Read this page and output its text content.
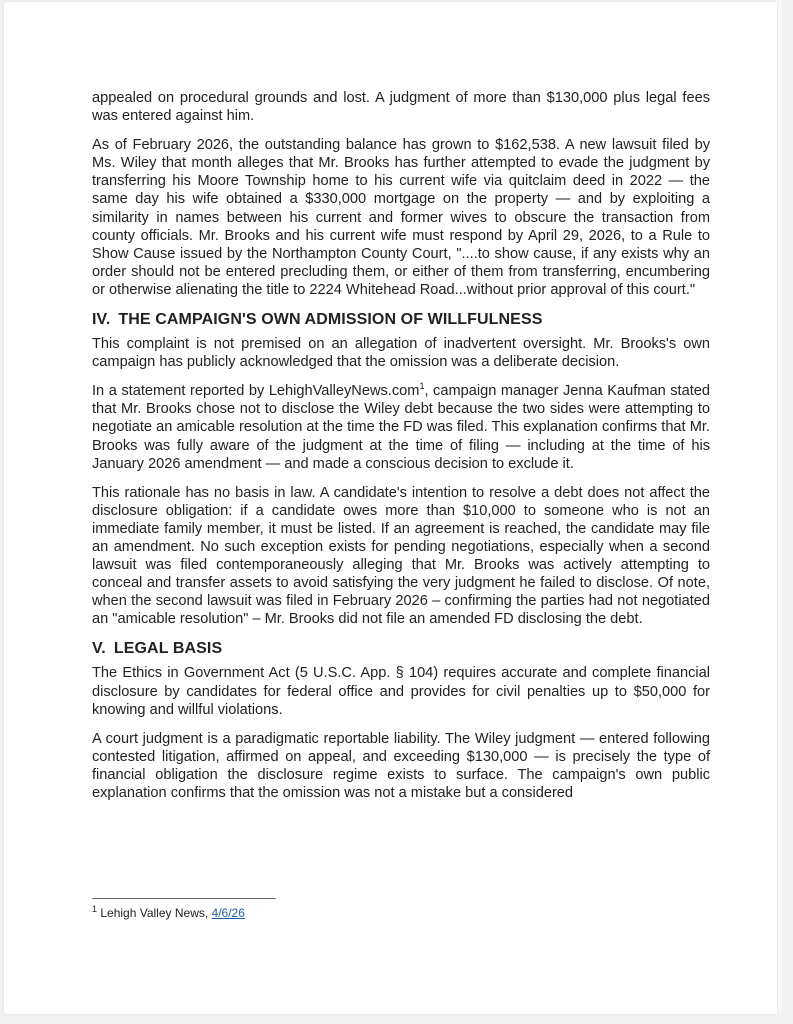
appealed on procedural grounds and lost. A judgment of more than $130,000 plus legal fees was entered against him.

As of February 2026, the outstanding balance has grown to $162,538. A new lawsuit filed by Ms. Wiley that month alleges that Mr. Brooks has further attempted to evade the judgment by transferring his Moore Township home to his current wife via quitclaim deed in 2022 — the same day his wife obtained a $330,000 mortgage on the property — and by exploiting a similarity in names between his current and former wives to obscure the transaction from county officials. Mr. Brooks and his current wife must respond by April 29, 2026, to a Rule to Show Cause issued by the Northampton County Court, "....to show cause, if any exists why an order should not be entered precluding them, or either of them from transferring, encumbering or otherwise alienating the title to 2224 Whitehead Road...without prior approval of this court."

IV. THE CAMPAIGN'S OWN ADMISSION OF WILLFULNESS

This complaint is not premised on an allegation of inadvertent oversight. Mr. Brooks's own campaign has publicly acknowledged that the omission was a deliberate decision.

In a statement reported by LehighValleyNews.com$^1$, campaign manager Jenna Kaufman stated that Mr. Brooks chose not to disclose the Wiley debt because the two sides were attempting to negotiate an amicable resolution at the time the FD was filed. This explanation confirms that Mr. Brooks was fully aware of the judgment at the time of filing — including at the time of his January 2026 amendment — and made a conscious decision to exclude it.

This rationale has no basis in law. A candidate's intention to resolve a debt does not affect the disclosure obligation: if a candidate owes more than $10,000 to someone who is not an immediate family member, it must be listed. If an agreement is reached, the candidate may file an amendment. No such exception exists for pending negotiations, especially when a second lawsuit was filed contemporaneously alleging that Mr. Brooks was actively attempting to conceal and transfer assets to avoid satisfying the very judgment he failed to disclose. Of note, when the second lawsuit was filed in February 2026 – confirming the parties had not negotiated an "amicable resolution" – Mr. Brooks did not file an amended FD disclosing the debt.

V. LEGAL BASIS

The Ethics in Government Act (5 U.S.C. App. § 104) requires accurate and complete financial disclosure by candidates for federal office and provides for civil penalties up to $50,000 for knowing and willful violations.

A court judgment is a paradigmatic reportable liability. The Wiley judgment — entered following contested litigation, affirmed on appeal, and exceeding $130,000 — is precisely the type of financial obligation the disclosure regime exists to surface. The campaign's own public explanation confirms that the omission was not a mistake but a considered

$^1$ Lehigh Valley News, 4/6/26
